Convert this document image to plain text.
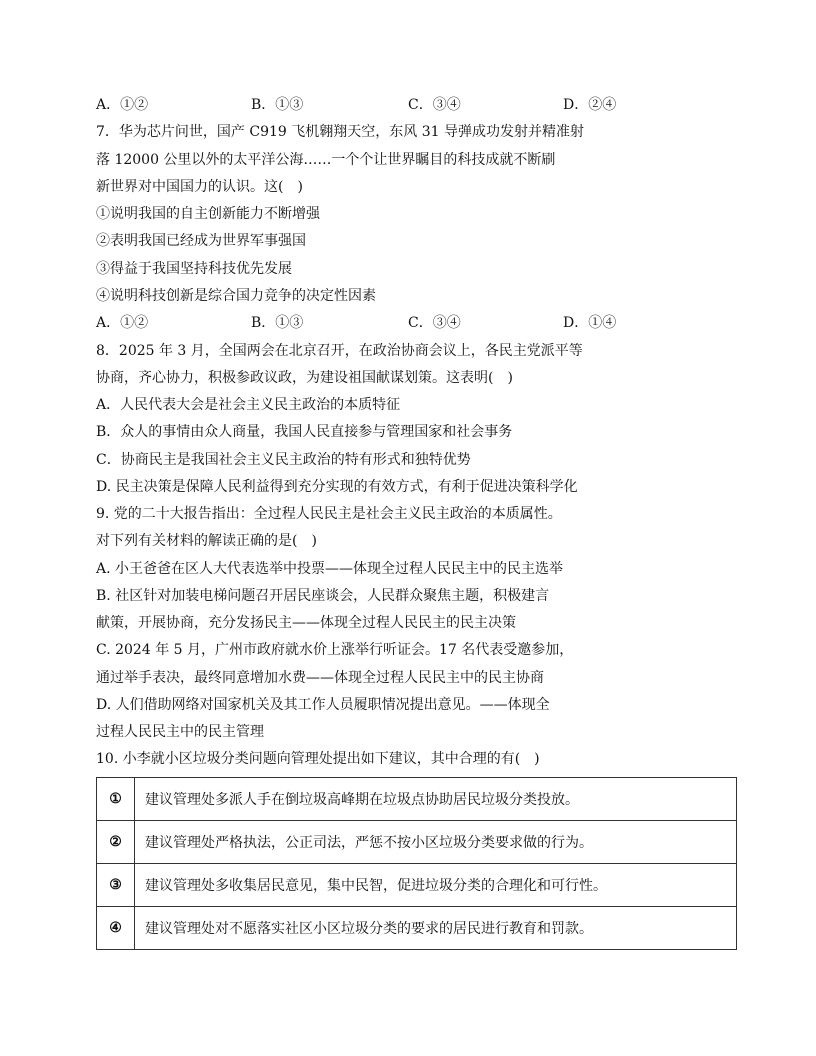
A．①②	B．①③	C．③④	D．②④
7．华为芯片问世，国产 C919 飞机翱翔天空，东风 31 导弹成功发射并精准射
落 12000 公里以外的太平洋公海……一个个让世界瞩目的科技成就不断刷
新世界对中国国力的认识。这(　)
①说明我国的自主创新能力不断增强
②表明我国已经成为世界军事强国
③得益于我国坚持科技优先发展
④说明科技创新是综合国力竞争的决定性因素
A．①②	B．①③	C．③④	D．①④
8．2025 年 3 月，全国两会在北京召开，在政治协商会议上，各民主党派平等
协商，齐心协力，积极参政议政，为建设祖国献谋划策。这表明(　)
A．人民代表大会是社会主义民主政治的本质特征
B．众人的事情由众人商量，我国人民直接参与管理国家和社会事务
C．协商民主是我国社会主义民主政治的特有形式和独特优势
D. 民主决策是保障人民利益得到充分实现的有效方式，有利于促进决策科学化
9. 党的二十大报告指出：全过程人民民主是社会主义民主政治的本质属性。
对下列有关材料的解读正确的是(　)
A. 小王爸爸在区人大代表选举中投票——体现全过程人民民主中的民主选举
B. 社区针对加装电梯问题召开居民座谈会，人民群众聚焦主题，积极建言
献策，开展协商，充分发扬民主——体现全过程人民民主的民主决策
C. 2024 年 5 月，广州市政府就水价上涨举行听证会。17 名代表受邀参加，
通过举手表决，最终同意增加水费——体现全过程人民民主中的民主协商
D. 人们借助网络对国家机关及其工作人员履职情况提出意见。——体现全
过程人民民主中的民主管理
10. 小李就小区垃圾分类问题向管理处提出如下建议，其中合理的有(　)
①	建议管理处多派人手在倒垃圾高峰期在垃圾点协助居民垃圾分类投放。
②	建议管理处严格执法，公正司法，严惩不按小区垃圾分类要求做的行为。
③	建议管理处多收集居民意见，集中民智，促进垃圾分类的合理化和可行性。
④	建议管理处对不愿落实社区小区垃圾分类的要求的居民进行教育和罚款。
